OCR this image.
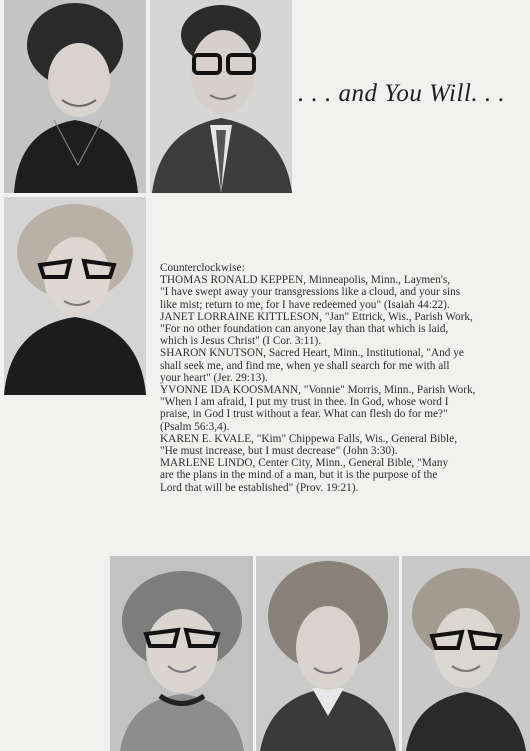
. . . and You Will. . .
Counterclockwise:
THOMAS RONALD KEPPEN, Minneapolis, Minn., Laymen's,
"I have swept away your transgressions like a cloud, and your sins
like mist; return to me, for I have redeemed you" (Isaiah 44:22).
JANET LORRAINE KITTLESON, "Jan" Ettrick, Wis., Parish Work,
"For no other foundation can anyone lay than that which is laid,
which is Jesus Christ" (I Cor. 3:11).
SHARON KNUTSON, Sacred Heart, Minn., Institutional, "And ye
shall seek me, and find me, when ye shall search for me with all
your heart" (Jer. 29:13).
YVONNE IDA KOOSMANN, "Vonnie" Morris, Minn., Parish Work,
"When I am afraid, I put my trust in thee. In God, whose word I
praise, in God I trust without a fear. What can flesh do for me?"
(Psalm 56:3,4).
KAREN E. KVALE, "Kim" Chippewa Falls, Wis., General Bible,
"He must increase, but I must decrease" (John 3:30).
MARLENE LINDO, Center City, Minn., General Bible, "Many
are the plans in the mind of a man, but it is the purpose of the
Lord that will be established" (Prov. 19:21).
